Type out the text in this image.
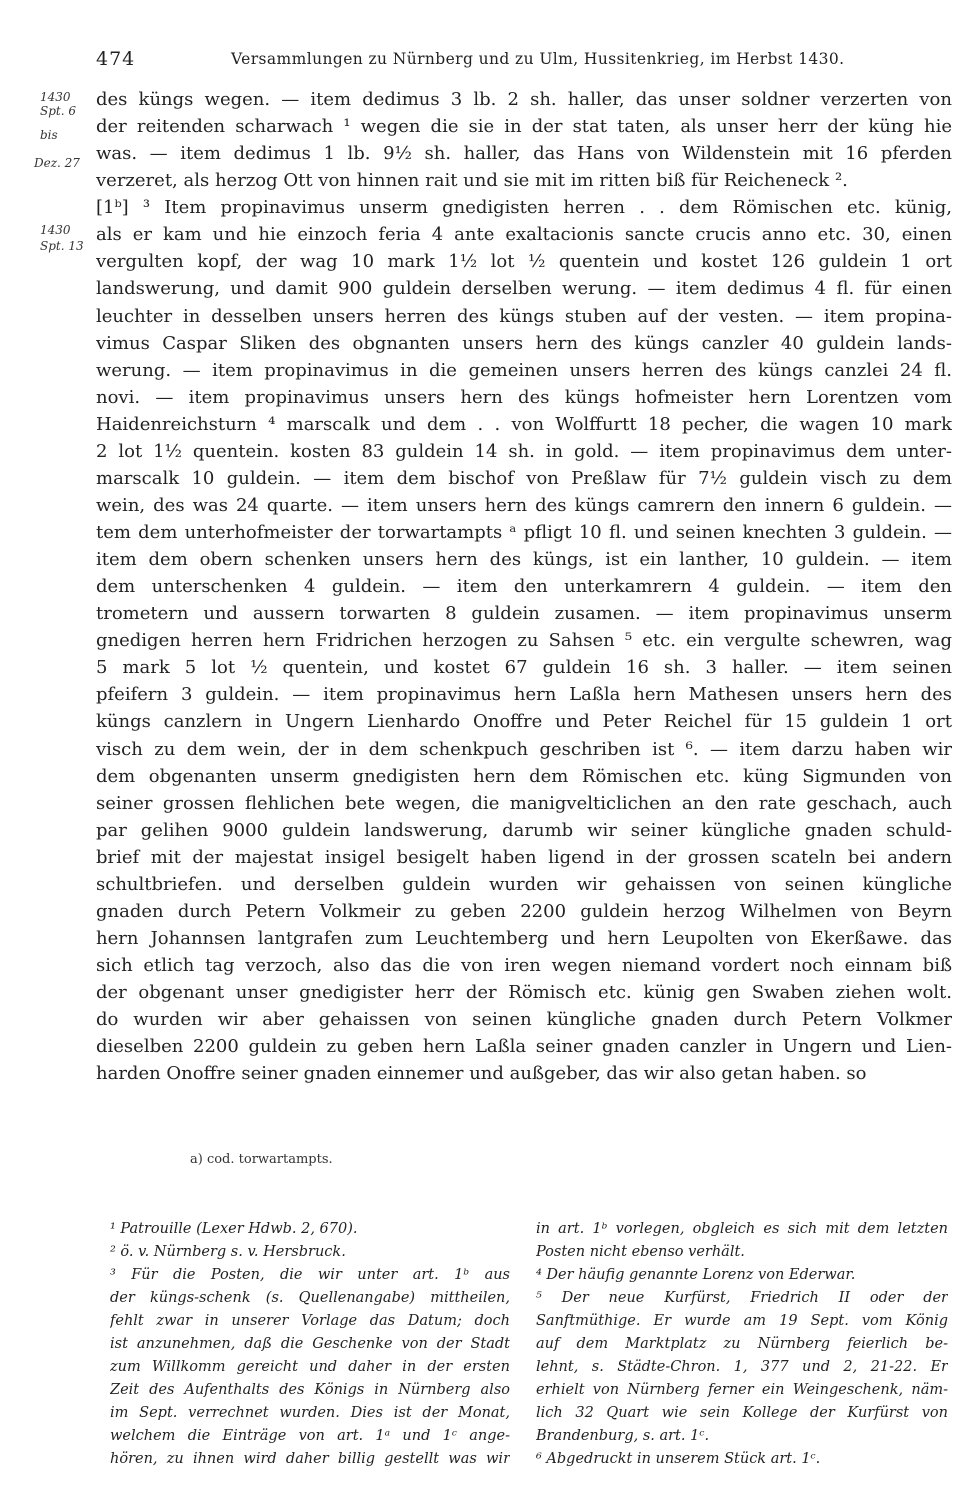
474	Versammlungen zu Nürnberg und zu Ulm, Hussitenkrieg, im Herbst 1430.
1430
Spt. 6
bis
Dez. 27
1430
Spt. 13
des küngs wegen. — item dedimus 3 lb. 2 sh. haller, das unser soldner verzerten von
der reitenden scharwach ¹ wegen die sie in der stat taten, als unser herr der küng hie
was. — item dedimus 1 lb. 9½ sh. haller, das Hans von Wildenstein mit 16 pferden
verzeret, als herzog Ott von hinnen rait und sie mit im ritten biß für Reicheneck ².
[1ᵇ] ³ Item propinavimus unserm gnedigisten herren . . dem Römischen etc. künig,
als er kam und hie einzoch feria 4 ante exaltacionis sancte crucis anno etc. 30, einen
vergulten kopf, der wag 10 mark 1½ lot ½ quentein und kostet 126 guldein 1 ort
landswerung, und damit 900 guldein derselben werung. — item dedimus 4 fl. für einen
leuchter in desselben unsers herren des küngs stuben auf der vesten. — item propina-
vimus Caspar Sliken des obgnanten unsers hern des küngs canzler 40 guldein lands-
werung. — item propinavimus in die gemeinen unsers herren des küngs canzlei 24 fl.
novi. — item propinavimus unsers hern des küngs hofmeister hern Lorentzen vom
Haidenreichsturn ⁴ marscalk und dem . . von Wolffurtt 18 pecher, die wagen 10 mark
2 lot 1½ quentein. kosten 83 guldein 14 sh. in gold. — item propinavimus dem unter-
marscalk 10 guldein. — item dem bischof von Preßlaw für 7½ guldein visch zu dem
wein, des was 24 quarte. — item unsers hern des küngs camrern den innern 6 guldein. —
tem dem unterhofmeister der torwartampts ᵃ pfligt 10 fl. und seinen knechten 3 guldein. —
item dem obern schenken unsers hern des küngs, ist ein lanther, 10 guldein. — item
dem unterschenken 4 guldein. — item den unterkamrern 4 guldein. — item den
trometern und aussern torwarten 8 guldein zusamen. — item propinavimus unserm
gnedigen herren hern Fridrichen herzogen zu Sahsen ⁵ etc. ein vergulte schewren, wag
5 mark 5 lot ½ quentein, und kostet 67 guldein 16 sh. 3 haller. — item seinen
pfeifern 3 guldein. — item propinavimus hern Laßla hern Mathesen unsers hern des
küngs canzlern in Ungern Lienhardo Onoffre und Peter Reichel für 15 guldein 1 ort
visch zu dem wein, der in dem schenkpuch geschriben ist ⁶. — item darzu haben wir
dem obgenanten unserm gnedigisten hern dem Römischen etc. küng Sigmunden von
seiner grossen flehlichen bete wegen, die manigvelticlichen an den rate geschach, auch
par gelihen 9000 guldein landswerung, darumb wir seiner küngliche gnaden schuld-
brief mit der majestat insigel besigelt haben ligend in der grossen scateln bei andern
schultbriefen. und derselben guldein wurden wir gehaissen von seinen küngliche
gnaden durch Petern Volkmeir zu geben 2200 guldein herzog Wilhelmen von Beyrn
hern Johannsen lantgrafen zum Leuchtemberg und hern Leupolten von Ekerßawe. das
sich etlich tag verzoch, also das die von iren wegen niemand vordert noch einnam biß
der obgenant unser gnedigister herr der Römisch etc. künig gen Swaben ziehen wolt.
do wurden wir aber gehaissen von seinen küngliche gnaden durch Petern Volkmer
dieselben 2200 guldein zu geben hern Laßla seiner gnaden canzler in Ungern und Lien-
harden Onoffre seiner gnaden einnemer und außgeber, das wir also getan haben. so
a) cod. torwartampts.
¹ Patrouille (Lexer Hdwb. 2, 670).
² ö. v. Nürnberg s. v. Hersbruck.
³ Für die Posten, die wir unter art. 1ᵇ aus
der küngs-schenk (s. Quellenangabe) mittheilen,
fehlt zwar in unserer Vorlage das Datum; doch
ist anzunehmen, daß die Geschenke von der Stadt
zum Willkomm gereicht und daher in der ersten
Zeit des Aufenthalts des Königs in Nürnberg also
im Sept. verrechnet wurden. Dies ist der Monat,
welchem die Einträge von art. 1ᵃ und 1ᶜ ange-
hören, zu ihnen wird daher billig gestellt was wir
in art. 1ᵇ vorlegen, obgleich es sich mit dem letzten
Posten nicht ebenso verhält.
⁴ Der häufig genannte Lorenz von Ederwar.
⁵ Der neue Kurfürst, Friedrich II oder der
Sanftmüthige. Er wurde am 19 Sept. vom König
auf dem Marktplatz zu Nürnberg feierlich be-
lehnt, s. Städte-Chron. 1, 377 und 2, 21-22. Er
erhielt von Nürnberg ferner ein Weingeschenk, näm-
lich 32 Quart wie sein Kollege der Kurfürst von
Brandenburg, s. art. 1ᶜ.
⁶ Abgedruckt in unserem Stück art. 1ᶜ.
